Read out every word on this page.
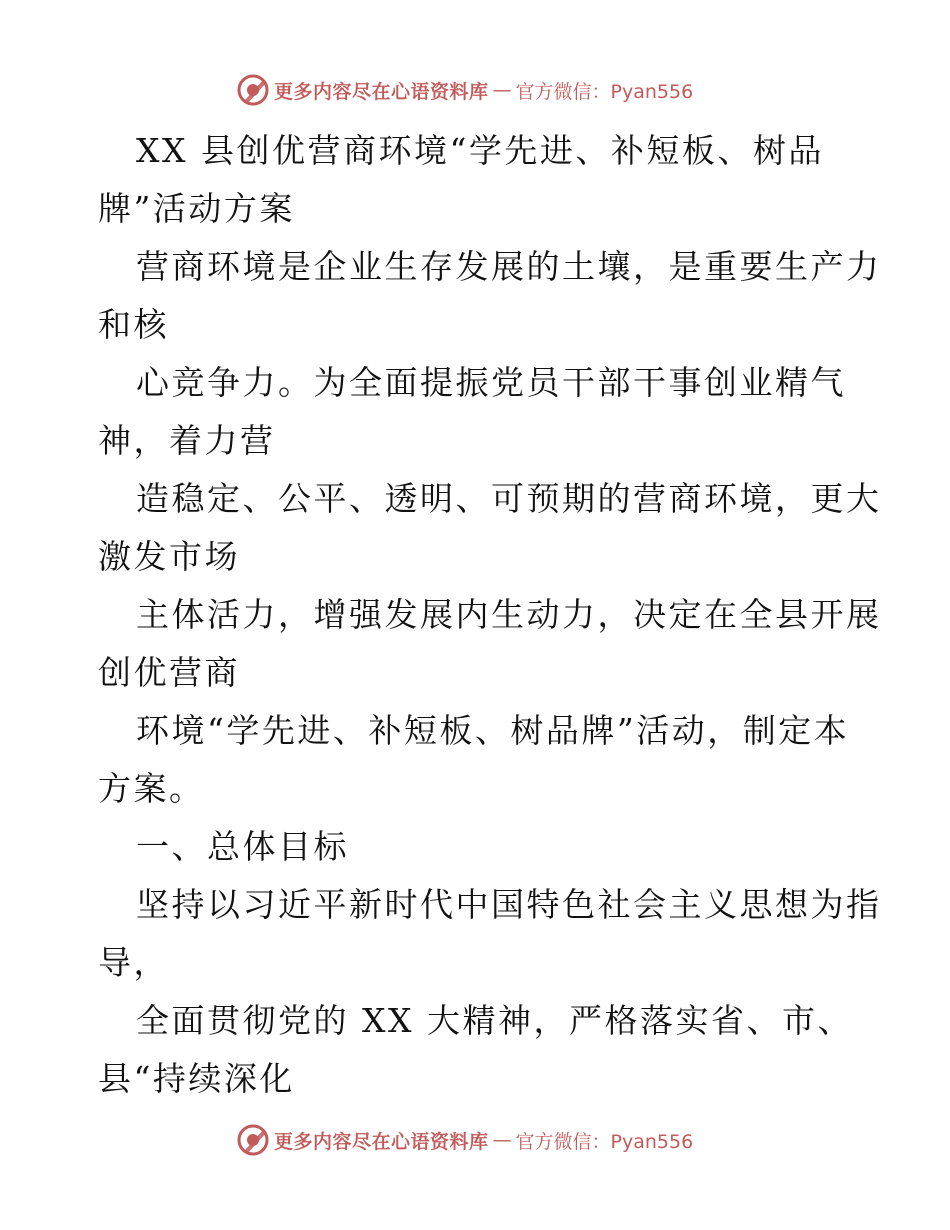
更多内容尽在心语资料库 — 官方微信：Pyan556
XX 县创优营商环境“学先进、补短板、树品
牌”活动方案
营商环境是企业生存发展的土壤，是重要生产力
和核
心竞争力。为全面提振党员干部干事创业精气
神，着力营
造稳定、公平、透明、可预期的营商环境，更大
激发市场
主体活力，增强发展内生动力，决定在全县开展
创优营商
环境“学先进、补短板、树品牌”活动，制定本
方案。
一、总体目标
坚持以习近平新时代中国特色社会主义思想为指
导，
全面贯彻党的 XX 大精神，严格落实省、市、
县“持续深化
更多内容尽在心语资料库 — 官方微信：Pyan556
